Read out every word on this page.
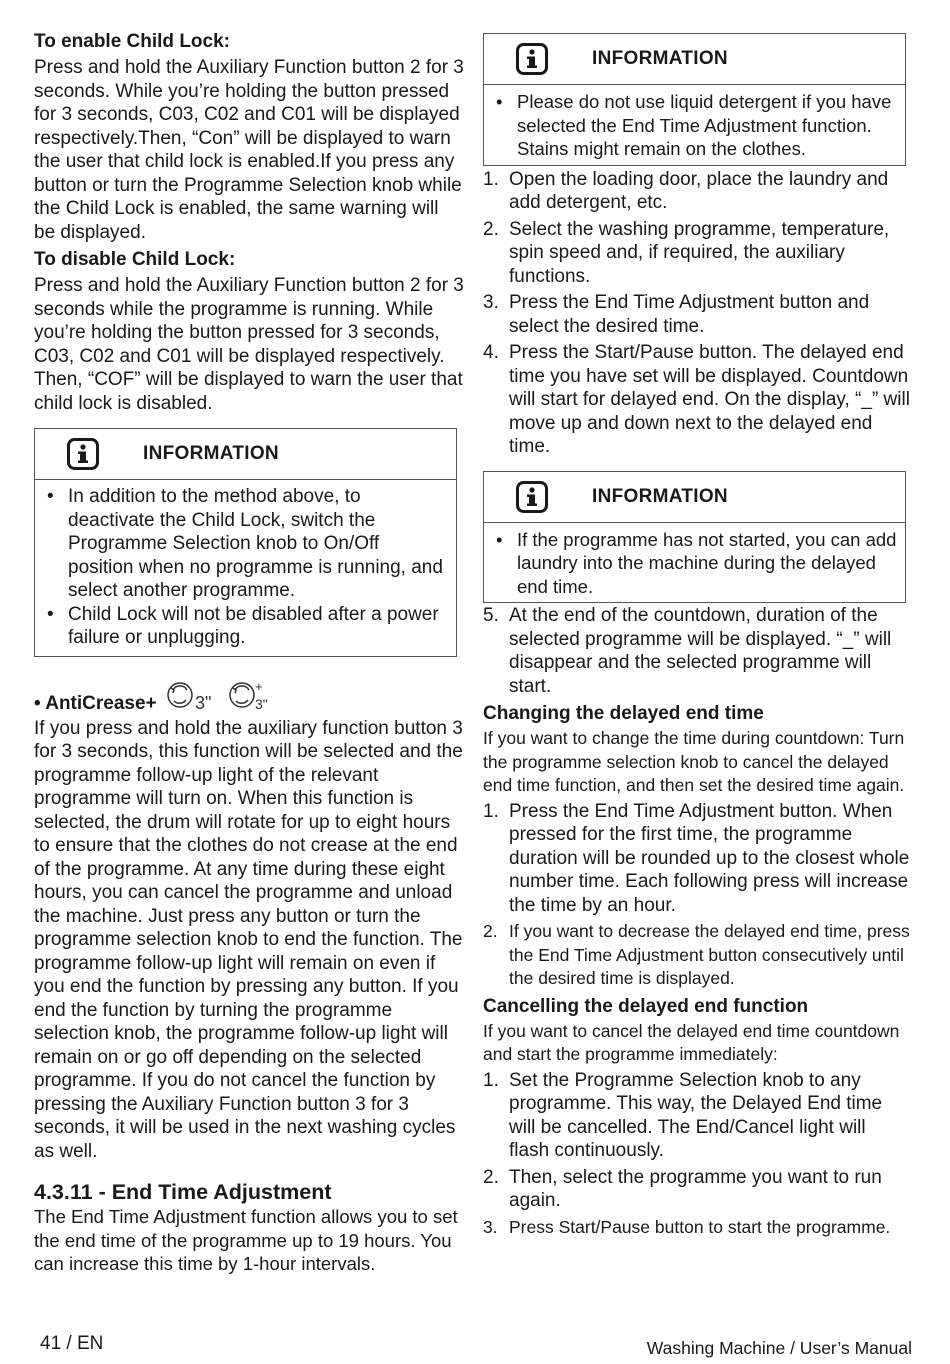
To enable Child Lock:

Press and hold the Auxiliary Function button 2 for 3 seconds. While you’re holding the button pressed for 3 seconds, C03, C02 and C01 will be displayed respectively.Then, “Con” will be displayed to warn the user that child lock is enabled.If you press any button or turn the Programme Selection knob while the Child Lock is enabled, the same warning will be displayed.

To disable Child Lock:

Press and hold the Auxiliary Function button 2 for 3 seconds while the programme is running. While you’re holding the button pressed for 3 seconds, C03, C02 and C01 will be displayed respectively. Then, “COF” will be displayed to warn the user that child lock is disabled.

INFORMATION
• In addition to the method above, to deactivate the Child Lock, switch the Programme Selection knob to On/Off position when no programme is running, and select another programme.
• Child Lock will not be disabled after a power failure or unplugging.
• AntiCrease+ 3"
+
3"

If you press and hold the auxiliary function button 3 for 3 seconds, this function will be selected and the programme follow-up light of the relevant programme will turn on. When this function is selected, the drum will rotate for up to eight hours to ensure that the clothes do not crease at the end of the programme. At any time during these eight hours, you can cancel the programme and unload the machine. Just press any button or turn the programme selection knob to end the function. The programme follow-up light will remain on even if you end the function by pressing any button. If you end the function by turning the programme selection knob, the programme follow-up light will remain on or go off depending on the selected programme. If you do not cancel the function by pressing the Auxiliary Function button 3 for 3 seconds, it will be used in the next washing cycles as well.

4.3.11 - End Time Adjustment

The End Time Adjustment function allows you to set the end time of the programme up to 19 hours. You can increase this time by 1-hour intervals.

INFORMATION
• Please do not use liquid detergent if you have selected the End Time Adjustment function. Stains might remain on the clothes.
1. Open the loading door, place the laundry and add detergent, etc.
2. Select the washing programme, temperature, spin speed and, if required, the auxiliary functions.
3. Press the End Time Adjustment button and select the desired time.
4. Press the Start/Pause button. The delayed end time you have set will be displayed. Countdown will start for delayed end. On the display, “_” will move up and down next to the delayed end time.
INFORMATION
• If the programme has not started, you can add laundry into the machine during the delayed end time.
5. At the end of the countdown, duration of the selected programme will be displayed. “_” will disappear and the selected programme will start.

Changing the delayed end time

If you want to change the time during countdown: Turn the programme selection knob to cancel the delayed end time function, and then set the desired time again.

1. Press the End Time Adjustment button. When pressed for the first time, the programme duration will be rounded up to the closest whole number time. Each following press will increase the time by an hour.
2. If you want to decrease the delayed end time, press the End Time Adjustment button consecutively until the desired time is displayed.

Cancelling the delayed end function

If you want to cancel the delayed end time countdown and start the programme immediately:

1. Set the Programme Selection knob to any programme. This way, the Delayed End time will be cancelled. The End/Cancel light will flash continuously.
2. Then, select the programme you want to run again.
3. Press Start/Pause button to start the programme.
41 / EN	Washing Machine / User’s Manual
